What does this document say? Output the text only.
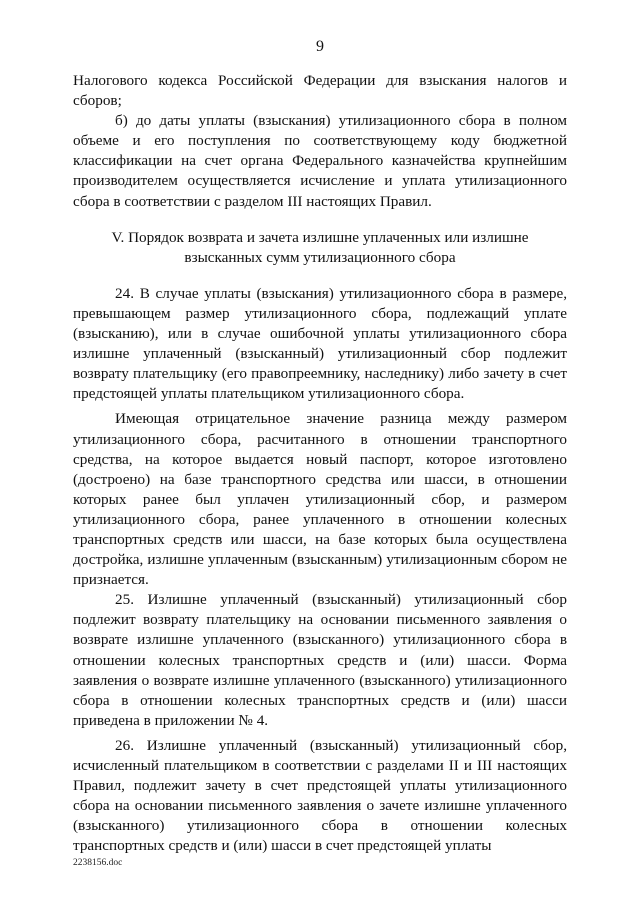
9

Налогового кодекса Российской Федерации для взыскания налогов и сборов;

б) до даты уплаты (взыскания) утилизационного сбора в полном объеме и его поступления по соответствующему коду бюджетной классификации на счет органа Федерального казначейства крупнейшим производителем осуществляется исчисление и уплата утилизационного сбора в соответствии с разделом III настоящих Правил.

V. Порядок возврата и зачета излишне уплаченных или излишне
взысканных сумм утилизационного сбора

24. В случае уплаты (взыскания) утилизационного сбора в размере, превышающем размер утилизационного сбора, подлежащий уплате (взысканию), или в случае ошибочной уплаты утилизационного сбора излишне уплаченный (взысканный) утилизационный сбор подлежит возврату плательщику (его правопреемнику, наследнику) либо зачету в счет предстоящей уплаты плательщиком утилизационного сбора.

Имеющая отрицательное значение разница между размером утилизационного сбора, расчитанного в отношении транспортного средства, на которое выдается новый паспорт, которое изготовлено (достроено) на базе транспортного средства или шасси, в отношении которых ранее был уплачен утилизационный сбор, и размером утилизационного сбора, ранее уплаченного в отношении колесных транспортных средств или шасси, на базе которых была осуществлена достройка, излишне уплаченным (взысканным) утилизационным сбором не признается.

25. Излишне уплаченный (взысканный) утилизационный сбор подлежит возврату плательщику на основании письменного заявления о возврате излишне уплаченного (взысканного) утилизационного сбора в отношении колесных транспортных средств и (или) шасси. Форма заявления о возврате излишне уплаченного (взысканного) утилизационного сбора в отношении колесных транспортных средств и (или) шасси приведена в приложении № 4.

26. Излишне уплаченный (взысканный) утилизационный сбор, исчисленный плательщиком в соответствии с разделами II и III настоящих Правил, подлежит зачету в счет предстоящей уплаты утилизационного сбора на основании письменного заявления о зачете излишне уплаченного (взысканного) утилизационного сбора в отношении колесных транспортных средств и (или) шасси в счет предстоящей уплаты

2238156.doc
